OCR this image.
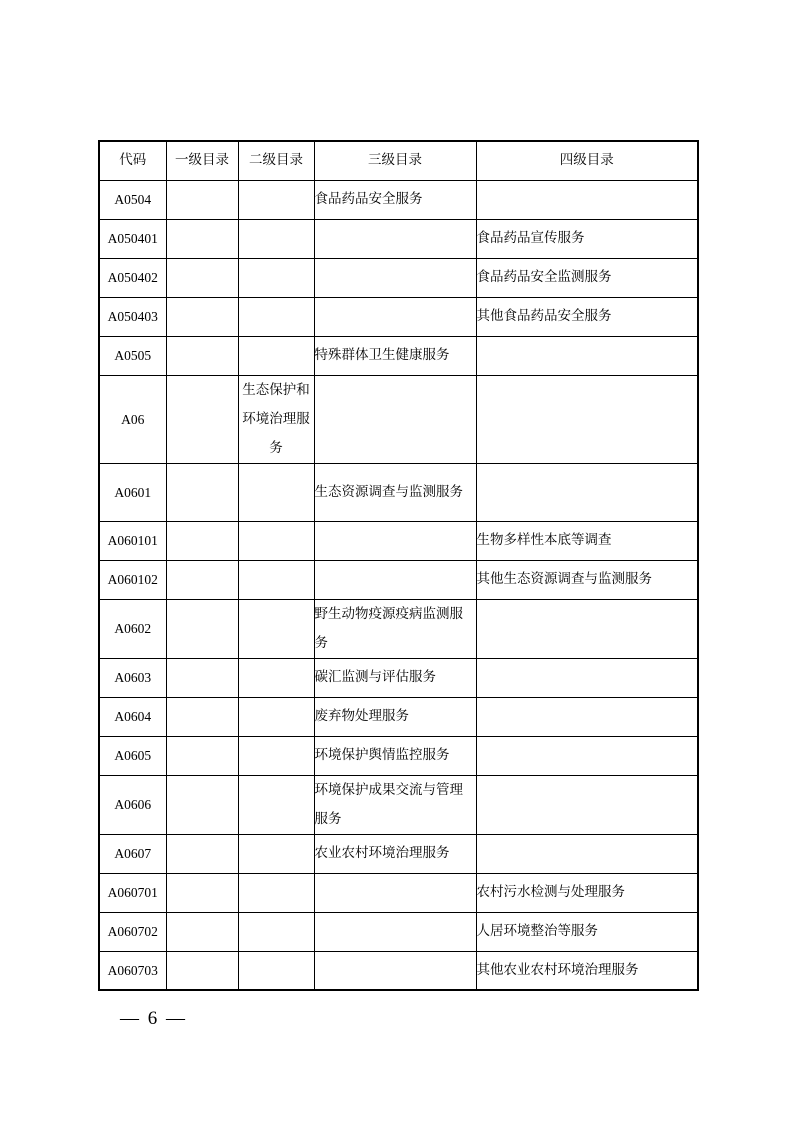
代码	一级目录	二级目录	三级目录	四级目录
A0504			食品药品安全服务	
A050401				食品药品宣传服务
A050402				食品药品安全监测服务
A050403				其他食品药品安全服务
A0505			特殊群体卫生健康服务	
A06		生态保护和环境治理服务		
A0601			生态资源调查与监测服务	
A060101				生物多样性本底等调查
A060102				其他生态资源调查与监测服务
A0602			野生动物疫源疫病监测服务	
A0603			碳汇监测与评估服务	
A0604			废弃物处理服务	
A0605			环境保护舆情监控服务	
A0606			环境保护成果交流与管理服务	
A0607			农业农村环境治理服务	
A060701				农村污水检测与处理服务
A060702				人居环境整治等服务
A060703				其他农业农村环境治理服务
— 6 —
